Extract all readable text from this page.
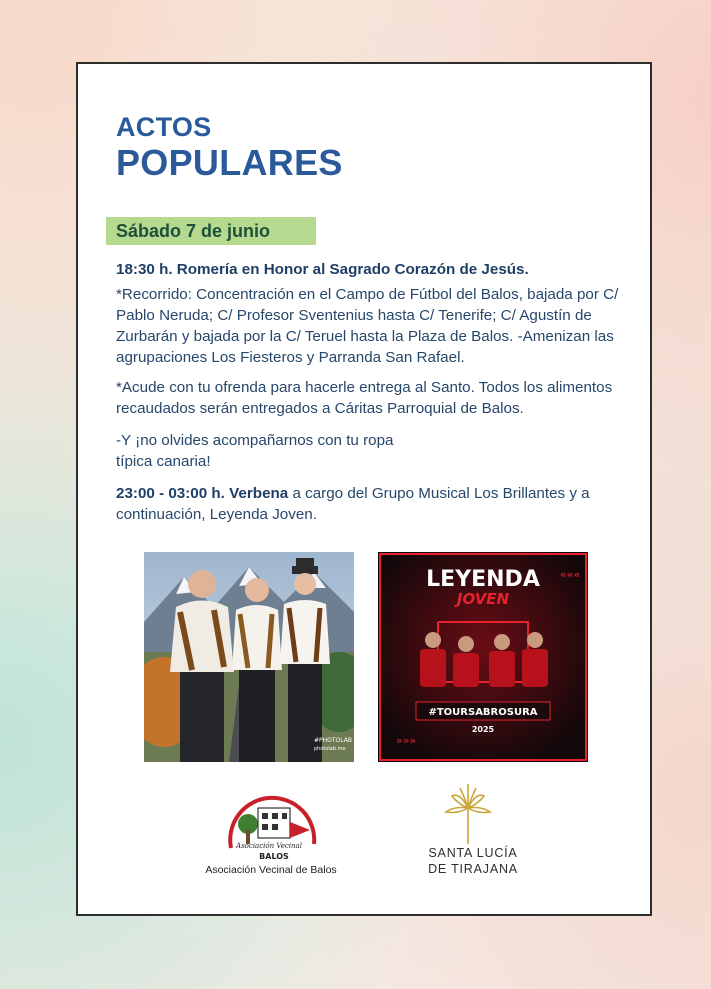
ACTOS
POPULARES
Sábado 7 de junio
18:30 h. Romería en Honor al Sagrado Corazón de Jesús.
*Recorrido: Concentración en el Campo de Fútbol del Balos, bajada por C/ Pablo Neruda; C/ Profesor Sventenius hasta C/ Tenerife; C/ Agustín de Zurbarán y bajada por la C/ Teruel hasta la Plaza de Balos. -Amenizan las agrupaciones Los Fiesteros y Parranda San Rafael.
*Acude con tu ofrenda para hacerle entrega al Santo. Todos los alimentos recaudados serán entregados a Cáritas Parroquial de Balos.
-Y ¡no olvides acompañarnos con tu ropa
típica canaria!
23:00 - 03:00 h. Verbena a cargo del Grupo Musical Los Brillantes y a continuación, Leyenda Joven.
#PHOTOLAB
photolab.me
LEYENDA
JOVEN
«««
»»»
#TOURSABROSURA
2025
Asociación Vecinal
BALOS
Asociación Vecinal de Balos
SANTA LUCÍA
DE TIRAJANA
